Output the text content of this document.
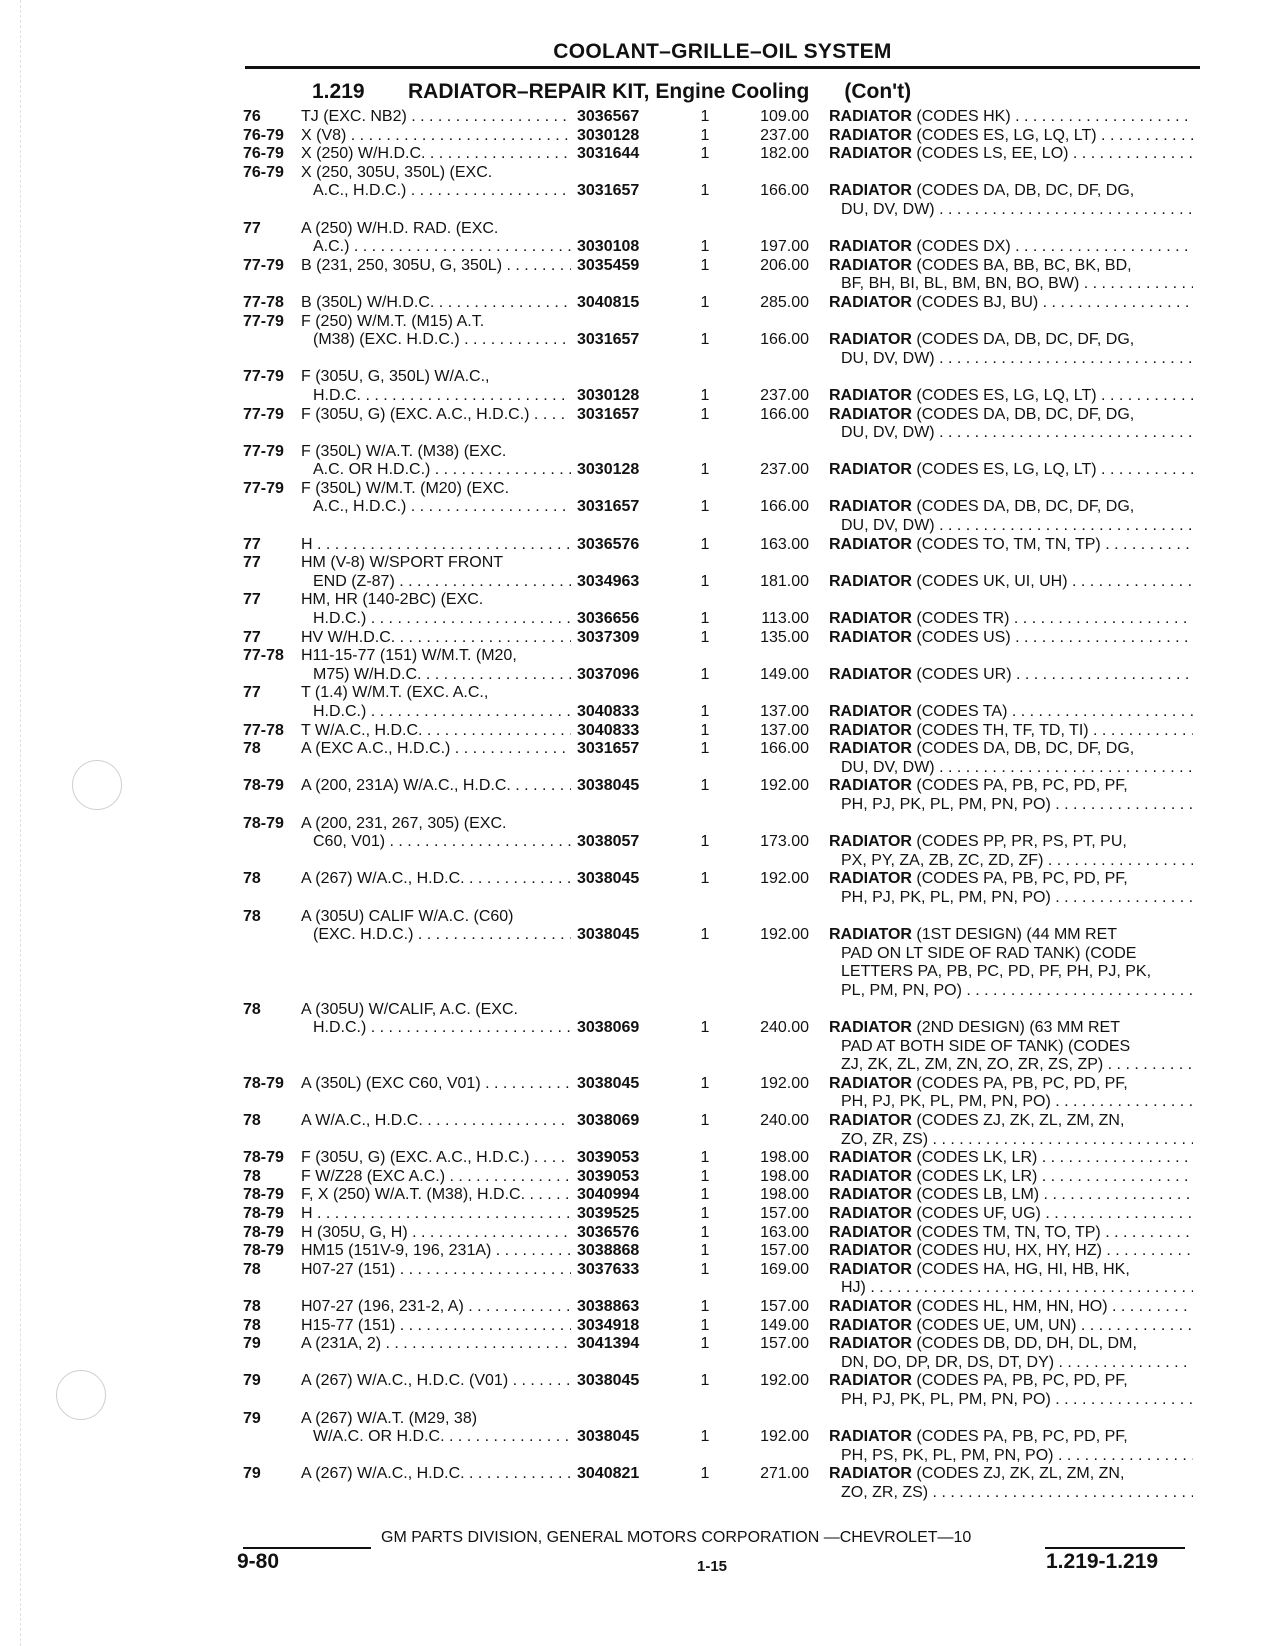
COOLANT–GRILLE–OIL SYSTEM
1.219 RADIATOR–REPAIR KIT, Engine Cooling      (Con't)
76	TJ (EXC. NB2) . . .	3036567	1	109.00 RADIATOR (CODES HK) . . .
76-79	X (V8) . . .	3030128	1	237.00 RADIATOR (CODES ES, LG, LQ, LT) . . .
76-79	X (250) W/H.D.C. . . .	3031644	1	182.00 RADIATOR (CODES LS, EE, LO) . . .
76-79	X (250, 305U, 350L) (EXC.
A.C., H.D.C.) . . .	3031657	1	166.00 RADIATOR (CODES DA, DB, DC, DF, DG,
DU, DV, DW) . . .
77	A (250) W/H.D. RAD. (EXC.
A.C.) . . .	3030108	1	197.00 RADIATOR (CODES DX) . . .
77-79	B (231, 250, 305U, G, 350L) . . .	3035459	1	206.00 RADIATOR (CODES BA, BB, BC, BK, BD,
BF, BH, BI, BL, BM, BN, BO, BW) . . .
77-78	B (350L) W/H.D.C. . . .	3040815	1	285.00 RADIATOR (CODES BJ, BU) . . .
77-79	F (250) W/M.T. (M15) A.T.
(M38) (EXC. H.D.C.) . . .	3031657	1	166.00 RADIATOR (CODES DA, DB, DC, DF, DG,
DU, DV, DW) . . .
77-79	F (305U, G, 350L) W/A.C.,
H.D.C. . . .	3030128	1	237.00 RADIATOR (CODES ES, LG, LQ, LT) . . .
77-79	F (305U, G) (EXC. A.C., H.D.C.) . . .	3031657	1	166.00 RADIATOR (CODES DA, DB, DC, DF, DG,
DU, DV, DW) . . .
77-79	F (350L) W/A.T. (M38) (EXC.
A.C. OR H.D.C.) . . .	3030128	1	237.00 RADIATOR (CODES ES, LG, LQ, LT) . . .
77-79	F (350L) W/M.T. (M20) (EXC.
A.C., H.D.C.) . . .	3031657	1	166.00 RADIATOR (CODES DA, DB, DC, DF, DG,
DU, DV, DW) . . .
77	H . . .	3036576	1	163.00 RADIATOR (CODES TO, TM, TN, TP) . . .
77	HM (V-8) W/SPORT FRONT
END (Z-87) . . .	3034963	1	181.00 RADIATOR (CODES UK, UI, UH) . . .
77	HM, HR (140-2BC) (EXC.
H.D.C.) . . .	3036656	1	113.00 RADIATOR (CODES TR) . . .
77	HV W/H.D.C. . . .	3037309	1	135.00 RADIATOR (CODES US) . . .
77-78	H11-15-77 (151) W/M.T. (M20,
M75) W/H.D.C. . . .	3037096	1	149.00 RADIATOR (CODES UR) . . .
77	T (1.4) W/M.T. (EXC. A.C.,
H.D.C.) . . .	3040833	1	137.00 RADIATOR (CODES TA) . . .
77-78	T W/A.C., H.D.C. . . .	3040833	1	137.00 RADIATOR (CODES TH, TF, TD, TI) . . .
78	A (EXC A.C., H.D.C.) . . .	3031657	1	166.00 RADIATOR (CODES DA, DB, DC, DF, DG,
DU, DV, DW) . . .
78-79	A (200, 231A) W/A.C., H.D.C. . . .	3038045	1	192.00 RADIATOR (CODES PA, PB, PC, PD, PF,
PH, PJ, PK, PL, PM, PN, PO) . . .
78-79	A (200, 231, 267, 305) (EXC.
C60, V01) . . .	3038057	1	173.00 RADIATOR (CODES PP, PR, PS, PT, PU,
PX, PY, ZA, ZB, ZC, ZD, ZF) . . .
78	A (267) W/A.C., H.D.C. . . .	3038045	1	192.00 RADIATOR (CODES PA, PB, PC, PD, PF,
PH, PJ, PK, PL, PM, PN, PO) . . .
78	A (305U) CALIF W/A.C. (C60)
(EXC. H.D.C.) . . .	3038045	1	192.00 RADIATOR (1ST DESIGN) (44 MM RET
PAD ON LT SIDE OF RAD TANK) (CODE
LETTERS PA, PB, PC, PD, PF, PH, PJ, PK,
PL, PM, PN, PO) . . .
78	A (305U) W/CALIF, A.C. (EXC.
H.D.C.) . . .	3038069	1	240.00 RADIATOR (2ND DESIGN) (63 MM RET
PAD AT BOTH SIDE OF TANK) (CODES
ZJ, ZK, ZL, ZM, ZN, ZO, ZR, ZS, ZP) . . .
78-79	A (350L) (EXC C60, V01) . . .	3038045	1	192.00 RADIATOR (CODES PA, PB, PC, PD, PF,
PH, PJ, PK, PL, PM, PN, PO) . . .
78	A W/A.C., H.D.C. . . .	3038069	1	240.00 RADIATOR (CODES ZJ, ZK, ZL, ZM, ZN,
ZO, ZR, ZS) . . .
78-79	F (305U, G) (EXC. A.C., H.D.C.) . . .	3039053	1	198.00 RADIATOR (CODES LK, LR) . . .
78	F W/Z28 (EXC A.C.) . . .	3039053	1	198.00 RADIATOR (CODES LK, LR) . . .
78-79	F, X (250) W/A.T. (M38), H.D.C. . . .	3040994	1	198.00 RADIATOR (CODES LB, LM) . . .
78-79	H . . .	3039525	1	157.00 RADIATOR (CODES UF, UG) . . .
78-79	H (305U, G, H) . . .	3036576	1	163.00 RADIATOR (CODES TM, TN, TO, TP) . . .
78-79	HM15 (151V-9, 196, 231A) . . .	3038868	1	157.00 RADIATOR (CODES HU, HX, HY, HZ) . . .
78	H07-27 (151) . . .	3037633	1	169.00 RADIATOR (CODES HA, HG, HI, HB, HK,
HJ) . . .
78	H07-27 (196, 231-2, A) . . .	3038863	1	157.00 RADIATOR (CODES HL, HM, HN, HO) . . .
78	H15-77 (151) . . .	3034918	1	149.00 RADIATOR (CODES UE, UM, UN) . . .
79	A (231A, 2) . . .	3041394	1	157.00 RADIATOR (CODES DB, DD, DH, DL, DM,
DN, DO, DP, DR, DS, DT, DY) . . .
79	A (267) W/A.C., H.D.C. (V01) . . .	3038045	1	192.00 RADIATOR (CODES PA, PB, PC, PD, PF,
PH, PJ, PK, PL, PM, PN, PO) . . .
79	A (267) W/A.T. (M29, 38)
W/A.C. OR H.D.C. . . .	3038045	1	192.00 RADIATOR (CODES PA, PB, PC, PD, PF,
PH, PS, PK, PL, PM, PN, PO) . . .
79	A (267) W/A.C., H.D.C. . . .	3040821	1	271.00 RADIATOR (CODES ZJ, ZK, ZL, ZM, ZN,
ZO, ZR, ZS) . . .
GM PARTS DIVISION, GENERAL MOTORS CORPORATION —CHEVROLET—10
9-80	1-15	1.219-1.219
